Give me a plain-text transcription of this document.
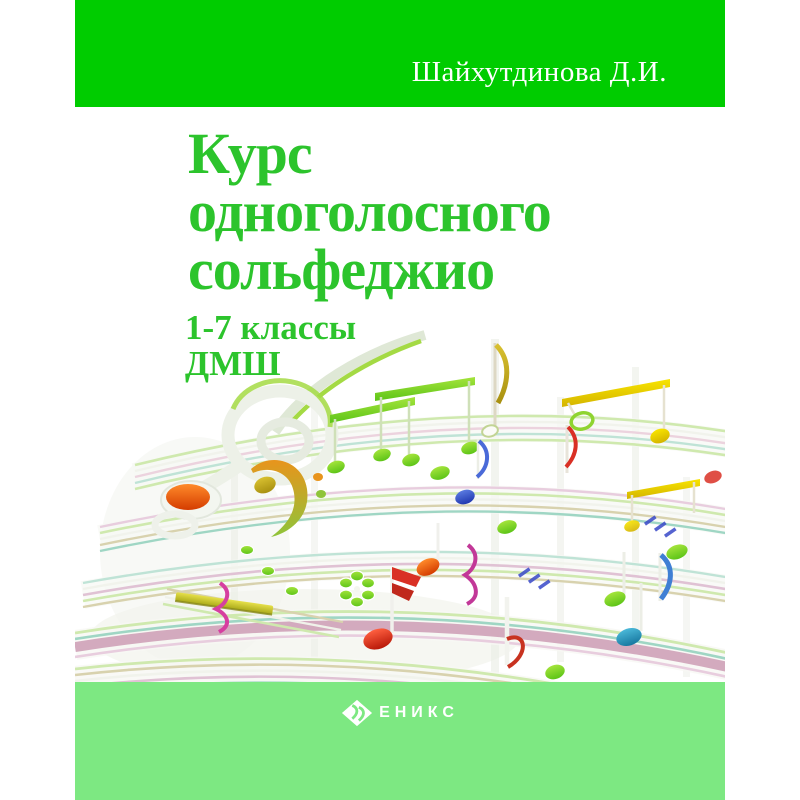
Шайхутдинова Д.И.
Курс
одноголосного
сольфеджио
1-7 классы
ДМШ
ЕНИКС
